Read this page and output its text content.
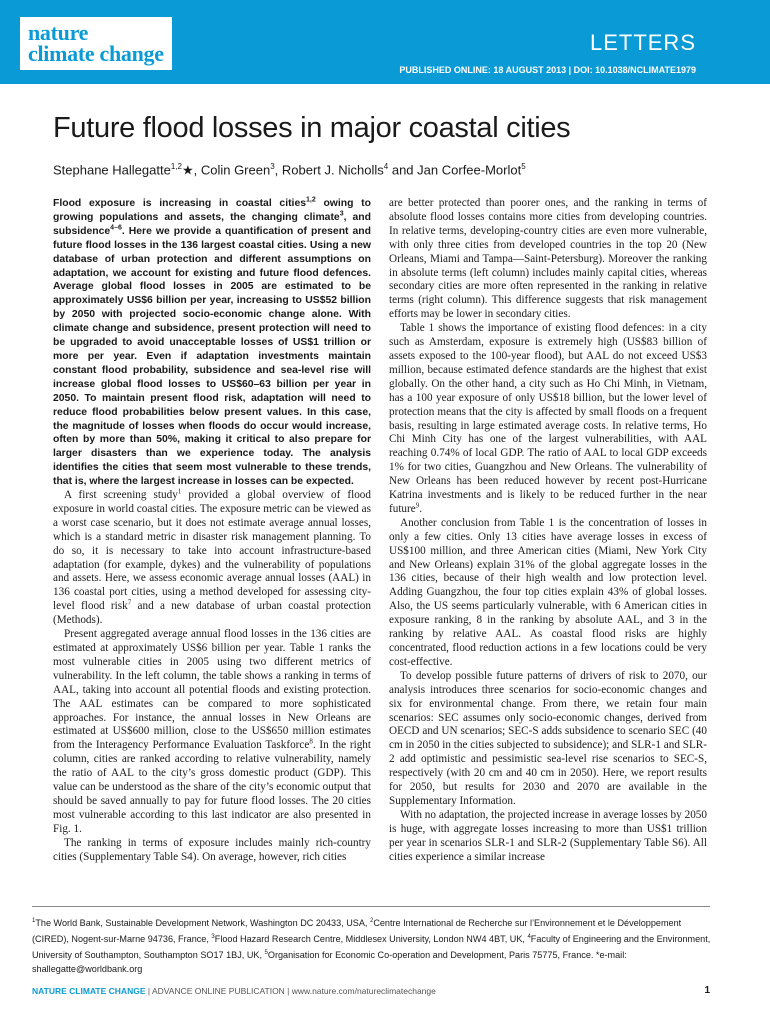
nature
climate change	LETTERS
PUBLISHED ONLINE: 18 AUGUST 2013 | DOI: 10.1038/NCLIMATE1979
Future flood losses in major coastal cities
Stephane Hallegatte$^{1,2}$★, Colin Green$^3$, Robert J. Nicholls$^4$ and Jan Corfee-Morlot$^5$

Flood exposure is increasing in coastal cities$^{1,2}$ owing to growing populations and assets, the changing climate$^3$, and subsidence$^{4-6}$. Here we provide a quantification of present and future flood losses in the 136 largest coastal cities. Using a new database of urban protection and different assumptions on adaptation, we account for existing and future flood defences. Average global flood losses in 2005 are estimated to be approximately US$6 billion per year, increasing to US$52 billion by 2050 with projected socio-economic change alone. With climate change and subsidence, present protection will need to be upgraded to avoid unacceptable losses of US$1 trillion or more per year. Even if adaptation investments maintain constant flood probability, subsidence and sea-level rise will increase global flood losses to US$60–63 billion per year in 2050. To maintain present flood risk, adaptation will need to reduce flood probabilities below present values. In this case, the magnitude of losses when floods do occur would increase, often by more than 50%, making it critical to also prepare for larger disasters than we experience today. The analysis identifies the cities that seem most vulnerable to these trends, that is, where the largest increase in losses can be expected.

A first screening study$^1$ provided a global overview of flood exposure in world coastal cities. The exposure metric can be viewed as a worst case scenario, but it does not estimate average annual losses, which is a standard metric in disaster risk management planning. To do so, it is necessary to take into account infrastructure-based adaptation (for example, dykes) and the vulnerability of populations and assets. Here, we assess economic average annual losses (AAL) in 136 coastal port cities, using a method developed for assessing city-level flood risk$^7$ and a new database of urban coastal protection (Methods).

Present aggregated average annual flood losses in the 136 cities are estimated at approximately US$6 billion per year. Table 1 ranks the most vulnerable cities in 2005 using two different metrics of vulnerability. In the left column, the table shows a ranking in terms of AAL, taking into account all potential floods and existing protection. The AAL estimates can be compared to more sophisticated approaches. For instance, the annual losses in New Orleans are estimated at US$600 million, close to the US$650 million estimates from the Interagency Performance Evaluation Taskforce$^8$. In the right column, cities are ranked according to relative vulnerability, namely the ratio of AAL to the city’s gross domestic product (GDP). This value can be understood as the share of the city’s economic output that should be saved annually to pay for future flood losses. The 20 cities most vulnerable according to this last indicator are also presented in Fig. 1.

The ranking in terms of exposure includes mainly rich-country cities (Supplementary Table S4). On average, however, rich cities

are better protected than poorer ones, and the ranking in terms of absolute flood losses contains more cities from developing countries. In relative terms, developing-country cities are even more vulnerable, with only three cities from developed countries in the top 20 (New Orleans, Miami and Tampa—Saint-Petersburg). Moreover the ranking in absolute terms (left column) includes mainly capital cities, whereas secondary cities are more often represented in the ranking in relative terms (right column). This difference suggests that risk management efforts may be lower in secondary cities.

Table 1 shows the importance of existing flood defences: in a city such as Amsterdam, exposure is extremely high (US$83 billion of assets exposed to the 100-year flood), but AAL do not exceed US$3 million, because estimated defence standards are the highest that exist globally. On the other hand, a city such as Ho Chi Minh, in Vietnam, has a 100 year exposure of only US$18 billion, but the lower level of protection means that the city is affected by small floods on a frequent basis, resulting in large estimated average costs. In relative terms, Ho Chi Minh City has one of the largest vulnerabilities, with AAL reaching 0.74% of local GDP. The ratio of AAL to local GDP exceeds 1% for two cities, Guangzhou and New Orleans. The vulnerability of New Orleans has been reduced however by recent post-Hurricane Katrina investments and is likely to be reduced further in the near future$^9$.

Another conclusion from Table 1 is the concentration of losses in only a few cities. Only 13 cities have average losses in excess of US$100 million, and three American cities (Miami, New York City and New Orleans) explain 31% of the global aggregate losses in the 136 cities, because of their high wealth and low protection level. Adding Guangzhou, the four top cities explain 43% of global losses. Also, the US seems particularly vulnerable, with 6 American cities in exposure ranking, 8 in the ranking by absolute AAL, and 3 in the ranking by relative AAL. As coastal flood risks are highly concentrated, flood reduction actions in a few locations could be very cost-effective.

To develop possible future patterns of drivers of risk to 2070, our analysis introduces three scenarios for socio-economic changes and six for environmental change. From there, we retain four main scenarios: SEC assumes only socio-economic changes, derived from OECD and UN scenarios; SEC-S adds subsidence to scenario SEC (40 cm in 2050 in the cities subjected to subsidence); and SLR-1 and SLR-2 add optimistic and pessimistic sea-level rise scenarios to SEC-S, respectively (with 20 cm and 40 cm in 2050). Here, we report results for 2050, but results for 2030 and 2070 are available in the Supplementary Information.

With no adaptation, the projected increase in average losses by 2050 is huge, with aggregate losses increasing to more than US$1 trillion per year in scenarios SLR-1 and SLR-2 (Supplementary Table S6). All cities experience a similar increase

$^1$The World Bank, Sustainable Development Network, Washington DC 20433, USA, $^2$Centre International de Recherche sur l’Environnement et le Développement (CIRED), Nogent-sur-Marne 94736, France, $^3$Flood Hazard Research Centre, Middlesex University, London NW4 4BT, UK, $^4$Faculty of Engineering and the Environment, University of Southampton, Southampton SO17 1BJ, UK, $^5$Organisation for Economic Co-operation and Development, Paris 75775, France. *e-mail: shallegatte@worldbank.org
NATURE CLIMATE CHANGE | ADVANCE ONLINE PUBLICATION | www.nature.com/natureclimatechange	1
